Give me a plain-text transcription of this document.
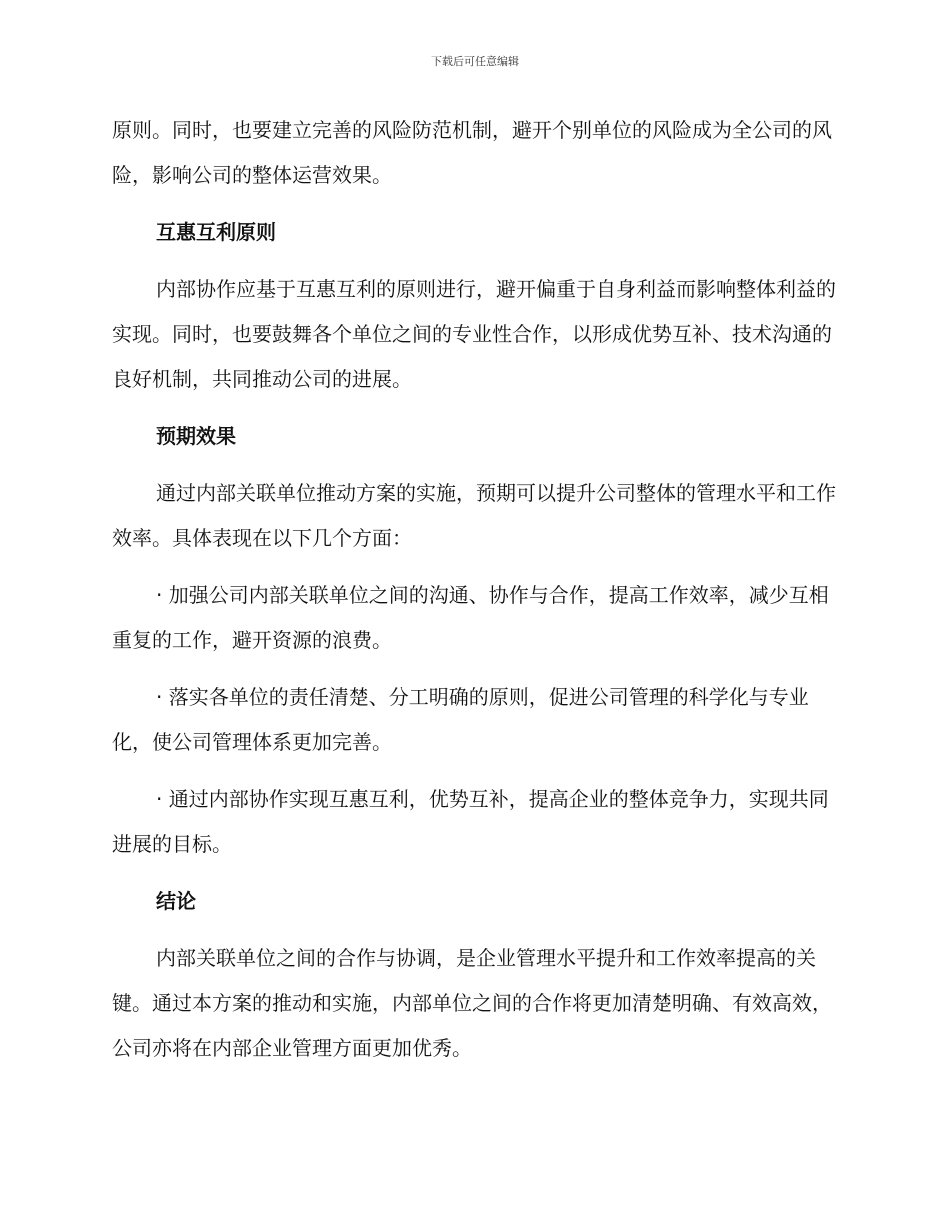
下载后可任意编辑

原则。同时，也要建立完善的风险防范机制，避开个别单位的风险成为全公司的风险，影响公司的整体运营效果。

互惠互利原则

内部协作应基于互惠互利的原则进行，避开偏重于自身利益而影响整体利益的实现。同时，也要鼓舞各个单位之间的专业性合作，以形成优势互补、技术沟通的良好机制，共同推动公司的进展。

预期效果

通过内部关联单位推动方案的实施，预期可以提升公司整体的管理水平和工作效率。具体表现在以下几个方面：

· 加强公司内部关联单位之间的沟通、协作与合作，提高工作效率，减少互相重复的工作，避开资源的浪费。

· 落实各单位的责任清楚、分工明确的原则，促进公司管理的科学化与专业化，使公司管理体系更加完善。

· 通过内部协作实现互惠互利，优势互补，提高企业的整体竞争力，实现共同进展的目标。

结论

内部关联单位之间的合作与协调，是企业管理水平提升和工作效率提高的关键。通过本方案的推动和实施，内部单位之间的合作将更加清楚明确、有效高效，公司亦将在内部企业管理方面更加优秀。
